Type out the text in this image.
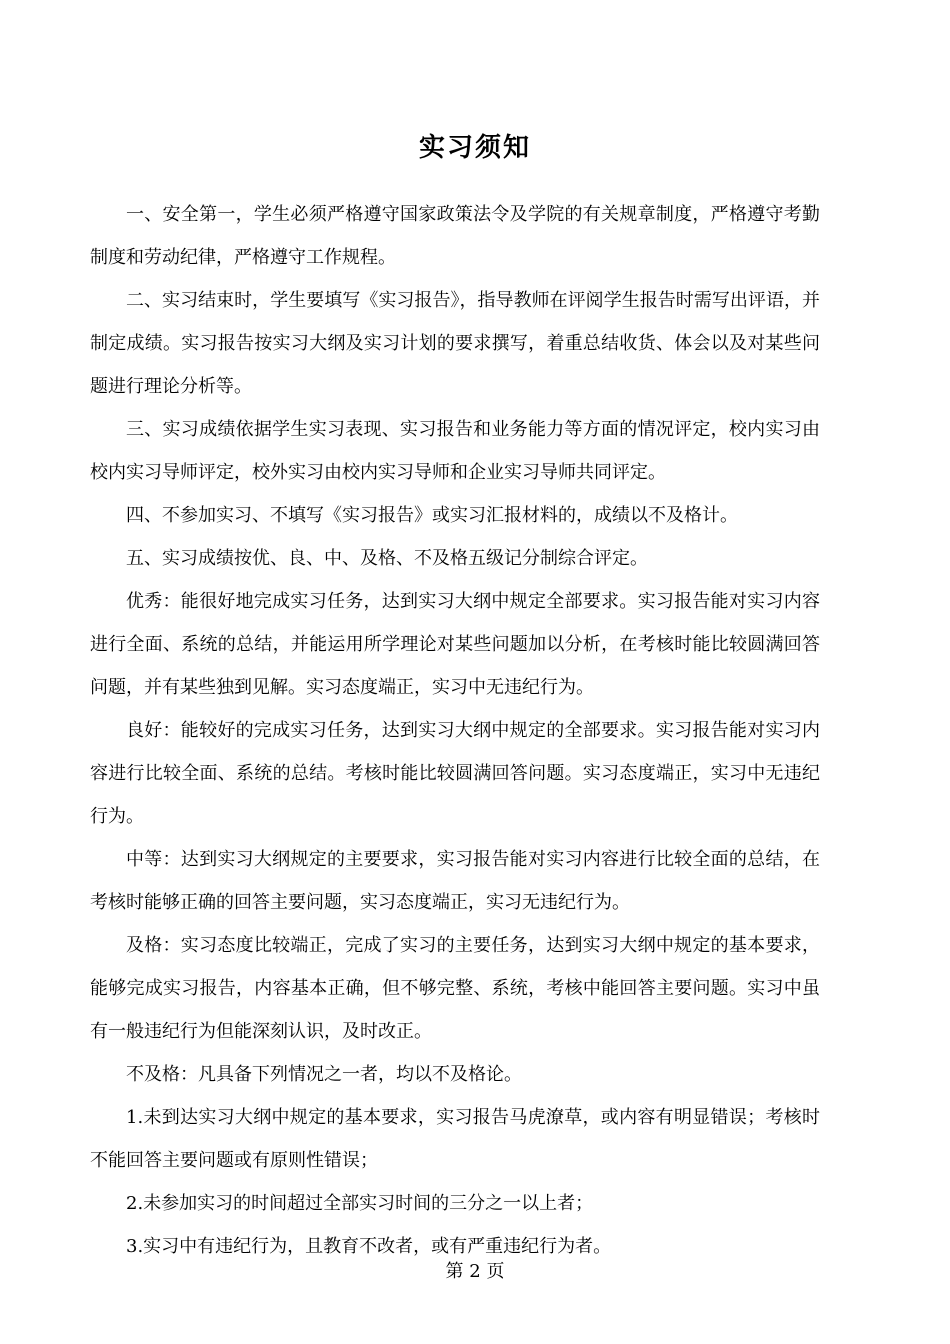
实习须知

一、安全第一，学生必须严格遵守国家政策法令及学院的有关规章制度，严格遵守考勤制度和劳动纪律，严格遵守工作规程。

二、实习结束时，学生要填写《实习报告》，指导教师在评阅学生报告时需写出评语，并制定成绩。实习报告按实习大纲及实习计划的要求撰写，着重总结收货、体会以及对某些问题进行理论分析等。

三、实习成绩依据学生实习表现、实习报告和业务能力等方面的情况评定，校内实习由校内实习导师评定，校外实习由校内实习导师和企业实习导师共同评定。

四、不参加实习、不填写《实习报告》或实习汇报材料的，成绩以不及格计。

五、实习成绩按优、良、中、及格、不及格五级记分制综合评定。

优秀：能很好地完成实习任务，达到实习大纲中规定全部要求。实习报告能对实习内容进行全面、系统的总结，并能运用所学理论对某些问题加以分析，在考核时能比较圆满回答问题，并有某些独到见解。实习态度端正，实习中无违纪行为。

良好：能较好的完成实习任务，达到实习大纲中规定的全部要求。实习报告能对实习内容进行比较全面、系统的总结。考核时能比较圆满回答问题。实习态度端正，实习中无违纪行为。

中等：达到实习大纲规定的主要要求，实习报告能对实习内容进行比较全面的总结，在考核时能够正确的回答主要问题，实习态度端正，实习无违纪行为。

及格：实习态度比较端正，完成了实习的主要任务，达到实习大纲中规定的基本要求，能够完成实习报告，内容基本正确，但不够完整、系统，考核中能回答主要问题。实习中虽有一般违纪行为但能深刻认识，及时改正。

不及格：凡具备下列情况之一者，均以不及格论。

1.未到达实习大纲中规定的基本要求，实习报告马虎潦草，或内容有明显错误；考核时不能回答主要问题或有原则性错误；

2.未参加实习的时间超过全部实习时间的三分之一以上者；

3.实习中有违纪行为，且教育不改者，或有严重违纪行为者。

第 2 页
